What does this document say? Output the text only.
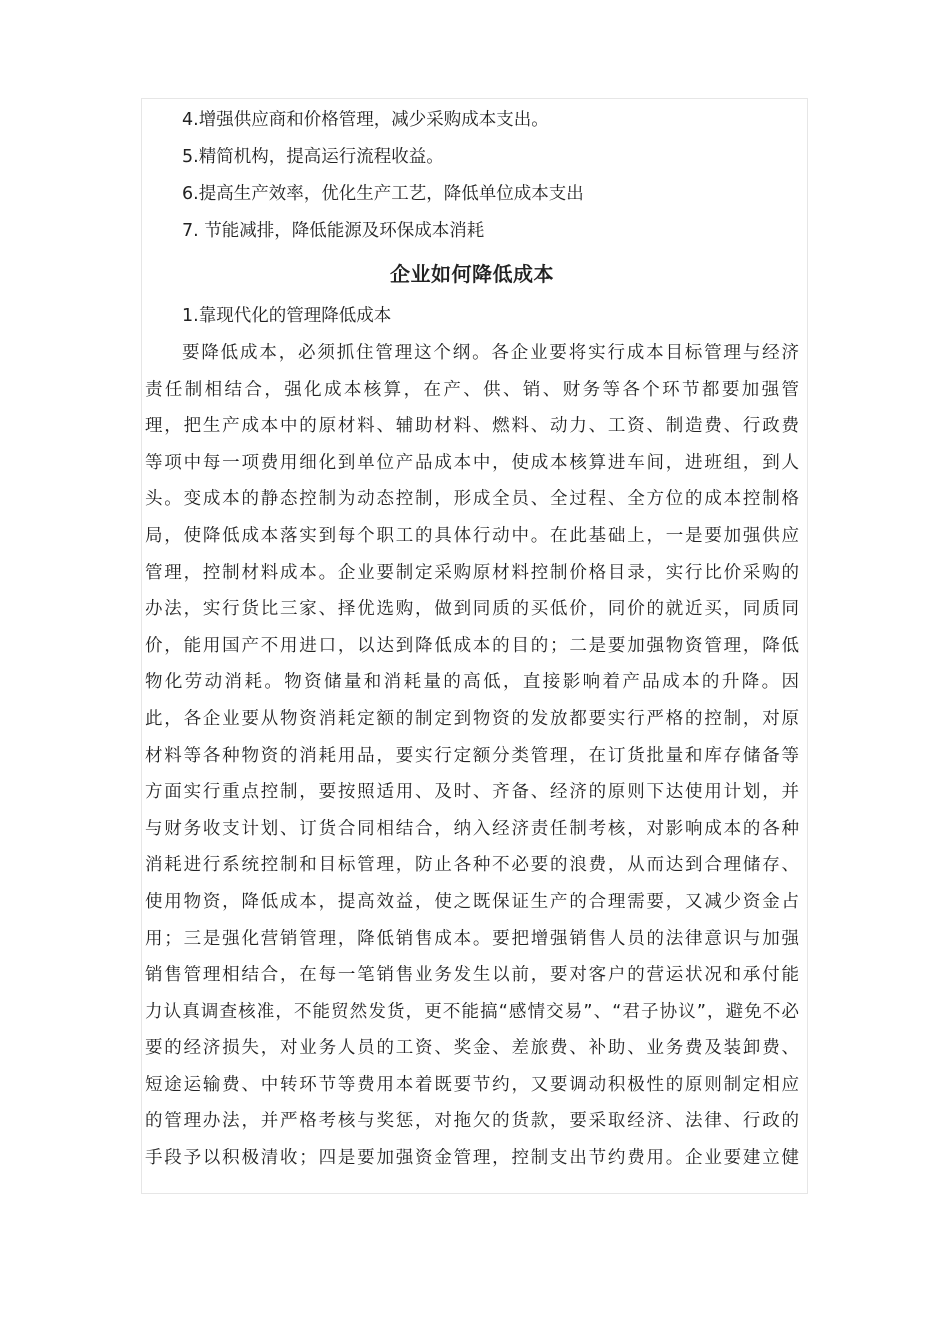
4.增强供应商和价格管理，减少采购成本支出。
5.精简机构，提高运行流程收益。
6.提高生产效率，优化生产工艺，降低单位成本支出
7. 节能减排，降低能源及环保成本消耗
企业如何降低成本
1.靠现代化的管理降低成本
要降低成本，必须抓住管理这个纲。各企业要将实行成本目标管理与经济
责任制相结合，强化成本核算，在产、供、销、财务等各个环节都要加强管
理，把生产成本中的原材料、辅助材料、燃料、动力、工资、制造费、行政费
等项中每一项费用细化到单位产品成本中，使成本核算进车间，进班组，到人
头。变成本的静态控制为动态控制，形成全员、全过程、全方位的成本控制格
局，使降低成本落实到每个职工的具体行动中。在此基础上，一是要加强供应
管理，控制材料成本。企业要制定采购原材料控制价格目录，实行比价采购的
办法，实行货比三家、择优选购，做到同质的买低价，同价的就近买，同质同
价，能用国产不用进口，以达到降低成本的目的；二是要加强物资管理，降低
物化劳动消耗。物资储量和消耗量的高低，直接影响着产品成本的升降。因
此，各企业要从物资消耗定额的制定到物资的发放都要实行严格的控制，对原
材料等各种物资的消耗用品，要实行定额分类管理，在订货批量和库存储备等
方面实行重点控制，要按照适用、及时、齐备、经济的原则下达使用计划，并
与财务收支计划、订货合同相结合，纳入经济责任制考核，对影响成本的各种
消耗进行系统控制和目标管理，防止各种不必要的浪费，从而达到合理储存、
使用物资，降低成本，提高效益，使之既保证生产的合理需要，又减少资金占
用；三是强化营销管理，降低销售成本。要把增强销售人员的法律意识与加强
销售管理相结合，在每一笔销售业务发生以前，要对客户的营运状况和承付能
力认真调查核准，不能贸然发货，更不能搞“感情交易”、“君子协议”，避免不必
要的经济损失，对业务人员的工资、奖金、差旅费、补助、业务费及装卸费、
短途运输费、中转环节等费用本着既要节约，又要调动积极性的原则制定相应
的管理办法，并严格考核与奖惩，对拖欠的货款，要采取经济、法律、行政的
手段予以积极清收；四是要加强资金管理，控制支出节约费用。企业要建立健
